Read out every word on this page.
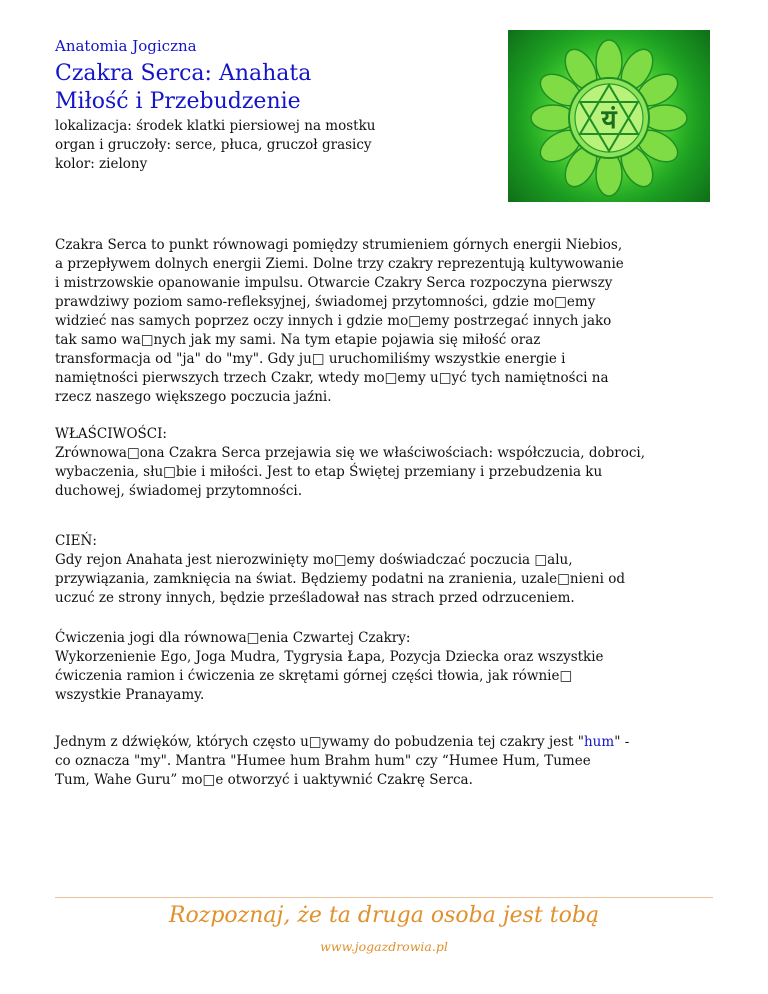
Anatomia Jogiczna
Czakra Serca: Anahata
Miłość i Przebudzenie
lokalizacja: środek klatki piersiowej na mostku
organ i gruczoły: serce, płuca, gruczoł grasicy
kolor: zielony
यं
Czakra Serca to punkt równowagi pomiędzy strumieniem górnych energii Niebios,
a przepływem dolnych energii Ziemi. Dolne trzy czakry reprezentują kultywowanie
i mistrzowskie opanowanie impulsu. Otwarcie Czakry Serca rozpoczyna pierwszy
prawdziwy poziom samo-refleksyjnej, świadomej przytomności, gdzie mo□emy
widzieć nas samych poprzez oczy innych i gdzie mo□emy postrzegać innych jako
tak samo wa□nych jak my sami. Na tym etapie pojawia się miłość oraz
transformacja od "ja" do "my". Gdy ju□ uruchomiliśmy wszystkie energie i
namiętności pierwszych trzech Czakr, wtedy mo□emy u□yć tych namiętności na
rzecz naszego większego poczucia jaźni.
WŁAŚCIWOŚCI:
Zrównowa□ona Czakra Serca przejawia się we właściwościach: współczucia, dobroci,
wybaczenia, słu□bie i miłości. Jest to etap Świętej przemiany i przebudzenia ku
duchowej, świadomej przytomności.
CIEŃ:
Gdy rejon Anahata jest nierozwinięty mo□emy doświadczać poczucia □alu,
przywiązania, zamknięcia na świat. Będziemy podatni na zranienia, uzale□nieni od
uczuć ze strony innych, będzie prześladował nas strach przed odrzuceniem.
Ćwiczenia jogi dla równowa□enia Czwartej Czakry:
Wykorzenienie Ego, Joga Mudra, Tygrysia Łapa, Pozycja Dziecka oraz wszystkie
ćwiczenia ramion i ćwiczenia ze skrętami górnej części tłowia, jak równie□
wszystkie Pranayamy.
Jednym z dźwięków, których często u□ywamy do pobudzenia tej czakry jest "hum" -
co oznacza "my". Mantra "Humee hum Brahm hum" czy “Humee Hum, Tumee
Tum, Wahe Guru” mo□e otworzyć i uaktywnić Czakrę Serca.
Rozpoznaj, że ta druga osoba jest tobą
www.jogazdrowia.pl
